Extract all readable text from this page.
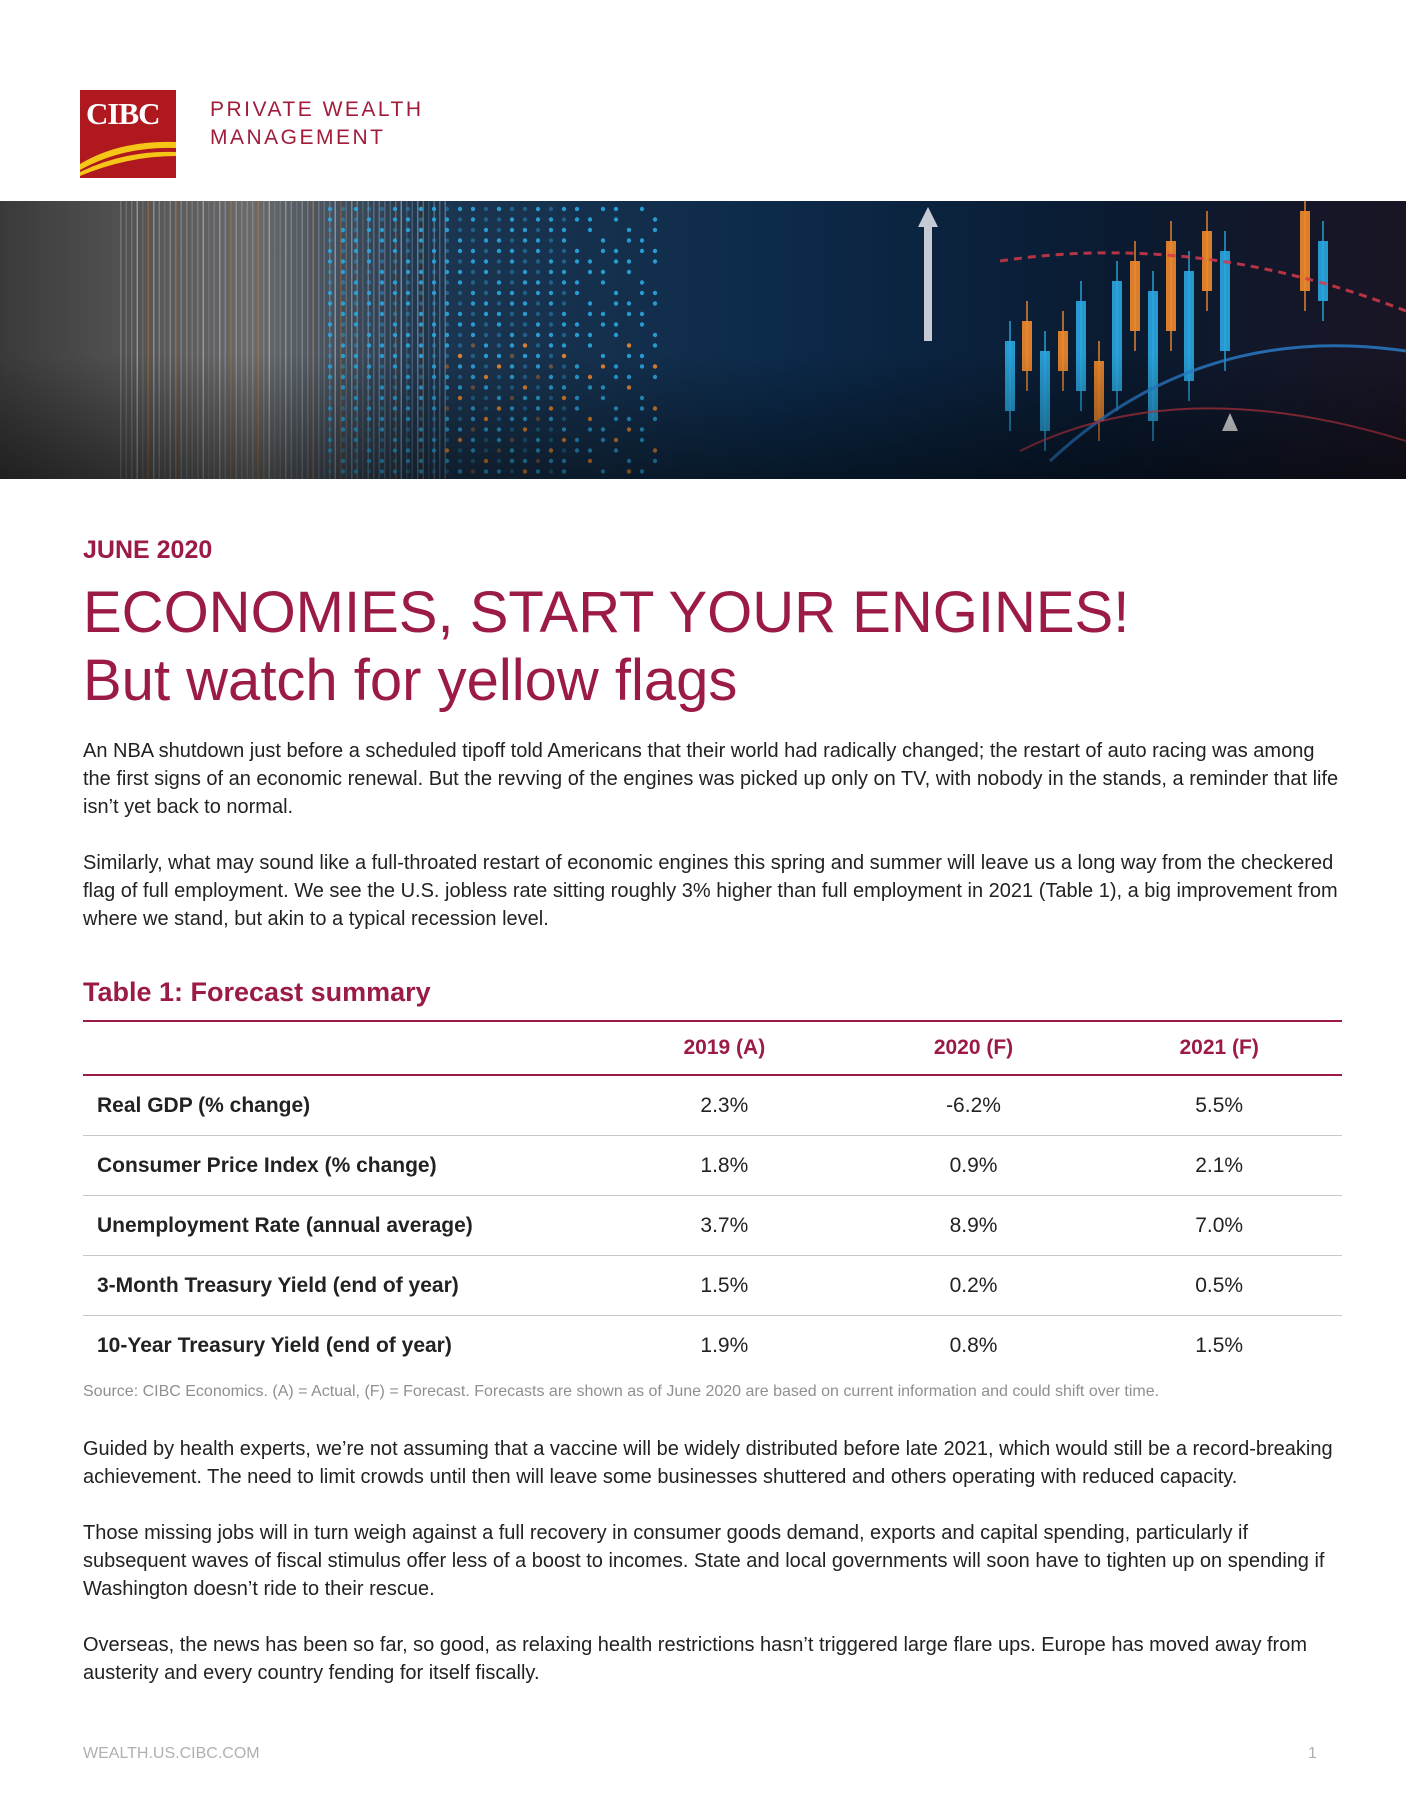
CIBC PRIVATE WEALTH
MANAGEMENT

JUNE 2020

ECONOMIES, START YOUR ENGINES!
But watch for yellow flags

An NBA shutdown just before a scheduled tipoff told Americans that their world had radically changed; the restart of auto racing was among the first signs of an economic renewal. But the revving of the engines was picked up only on TV, with nobody in the stands, a reminder that life isn’t yet back to normal.

Similarly, what may sound like a full-throated restart of economic engines this spring and summer will leave us a long way from the checkered flag of full employment. We see the U.S. jobless rate sitting roughly 3% higher than full employment in 2021 (Table 1), a big improvement from where we stand, but akin to a typical recession level.

Table 1: Forecast summary
	2019 (A)	2020 (F)	2021 (F)
Real GDP (% change)	2.3%	-6.2%	5.5%
Consumer Price Index (% change)	1.8%	0.9%	2.1%
Unemployment Rate (annual average)	3.7%	8.9%	7.0%
3-Month Treasury Yield (end of year)	1.5%	0.2%	0.5%
10-Year Treasury Yield (end of year)	1.9%	0.8%	1.5%

Source: CIBC Economics. (A) = Actual, (F) = Forecast. Forecasts are shown as of June 2020 are based on current information and could shift over time.

Guided by health experts, we’re not assuming that a vaccine will be widely distributed before late 2021, which would still be a record-breaking achievement. The need to limit crowds until then will leave some businesses shuttered and others operating with reduced capacity.

Those missing jobs will in turn weigh against a full recovery in consumer goods demand, exports and capital spending, particularly if subsequent waves of fiscal stimulus offer less of a boost to incomes. State and local governments will soon have to tighten up on spending if Washington doesn’t ride to their rescue.

Overseas, the news has been so far, so good, as relaxing health restrictions hasn’t triggered large flare ups. Europe has moved away from austerity and every country fending for itself fiscally.

WEALTH.US.CIBC.COM	1
